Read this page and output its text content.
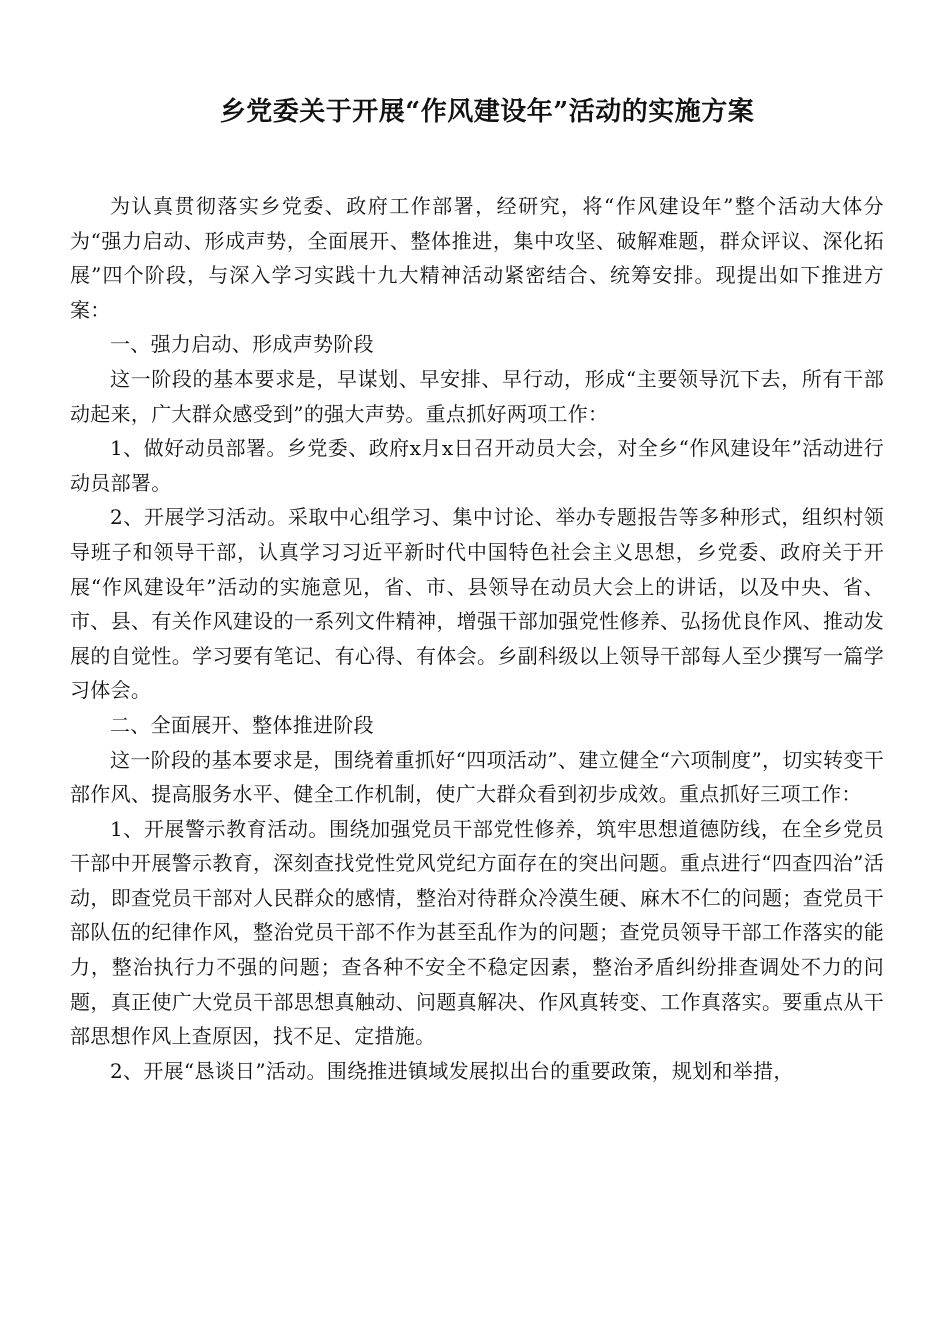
乡党委关于开展“作风建设年”活动的实施方案

为认真贯彻落实乡党委、政府工作部署，经研究，将“作风建设年”整个活动大体分为“强力启动、形成声势，全面展开、整体推进，集中攻坚、破解难题，群众评议、深化拓展”四个阶段，与深入学习实践十九大精神活动紧密结合、统筹安排。现提出如下推进方案：

一、强力启动、形成声势阶段

这一阶段的基本要求是，早谋划、早安排、早行动，形成“主要领导沉下去，所有干部动起来，广大群众感受到”的强大声势。重点抓好两项工作：

1、做好动员部署。乡党委、政府x月x日召开动员大会，对全乡“作风建设年”活动进行动员部署。

2、开展学习活动。采取中心组学习、集中讨论、举办专题报告等多种形式，组织村领导班子和领导干部，认真学习习近平新时代中国特色社会主义思想，乡党委、政府关于开展“作风建设年”活动的实施意见，省、市、县领导在动员大会上的讲话，以及中央、省、市、县、有关作风建设的一系列文件精神，增强干部加强党性修养、弘扬优良作风、推动发展的自觉性。学习要有笔记、有心得、有体会。乡副科级以上领导干部每人至少撰写一篇学习体会。

二、全面展开、整体推进阶段

这一阶段的基本要求是，围绕着重抓好“四项活动”、建立健全“六项制度”，切实转变干部作风、提高服务水平、健全工作机制，使广大群众看到初步成效。重点抓好三项工作：

1、开展警示教育活动。围绕加强党员干部党性修养，筑牢思想道德防线，在全乡党员干部中开展警示教育，深刻查找党性党风党纪方面存在的突出问题。重点进行“四查四治”活动，即查党员干部对人民群众的感情，整治对待群众冷漠生硬、麻木不仁的问题；查党员干部队伍的纪律作风，整治党员干部不作为甚至乱作为的问题；查党员领导干部工作落实的能力，整治执行力不强的问题；查各种不安全不稳定因素，整治矛盾纠纷排查调处不力的问题，真正使广大党员干部思想真触动、问题真解决、作风真转变、工作真落实。要重点从干部思想作风上查原因，找不足、定措施。

2、开展“恳谈日”活动。围绕推进镇域发展拟出台的重要政策，规划和举措，
